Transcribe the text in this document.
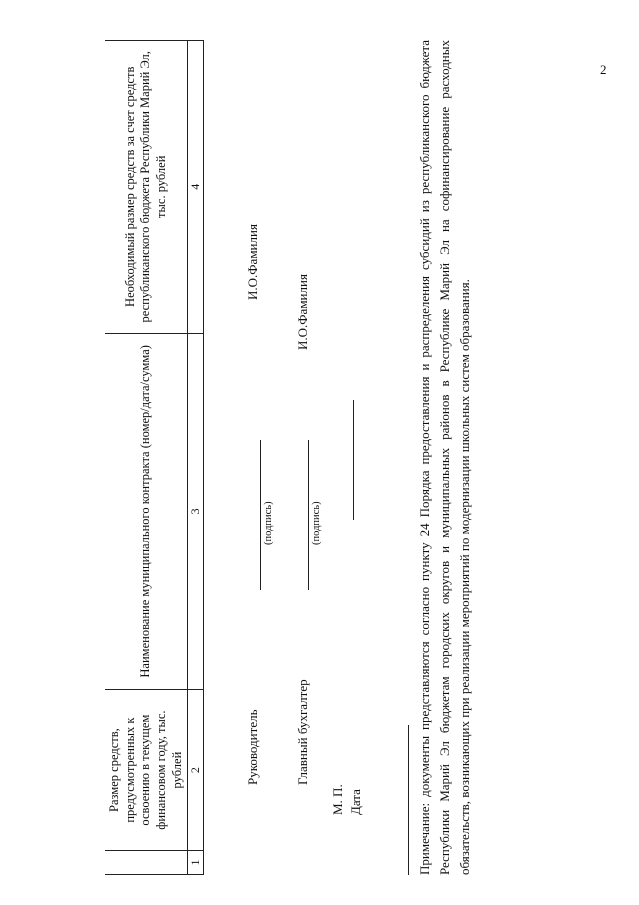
2
	Размер средств, предусмотренных к освоению в текущем финансовом году, тыс. рублей	Наименование муниципального контракта (номер/дата/сумма)	Необходимый размер средств за счет средств республиканского бюджета Республики Марий Эл, тыс. рублей
1	2	3	4
Руководитель
(подпись)
И.О.Фамилия
Главный бухгалтер
(подпись)
И.О.Фамилия
М. П. Дата	Примечание: документы представляются согласно пункту 24 Порядка предоставления и распределения субсидий из республиканского бюджета Республики Марий Эл бюджетам городских округов и муниципальных районов в Республике Марий Эл на софинансирование расходных обязательств, возникающих при реализации мероприятий по модернизации школьных систем образования.
